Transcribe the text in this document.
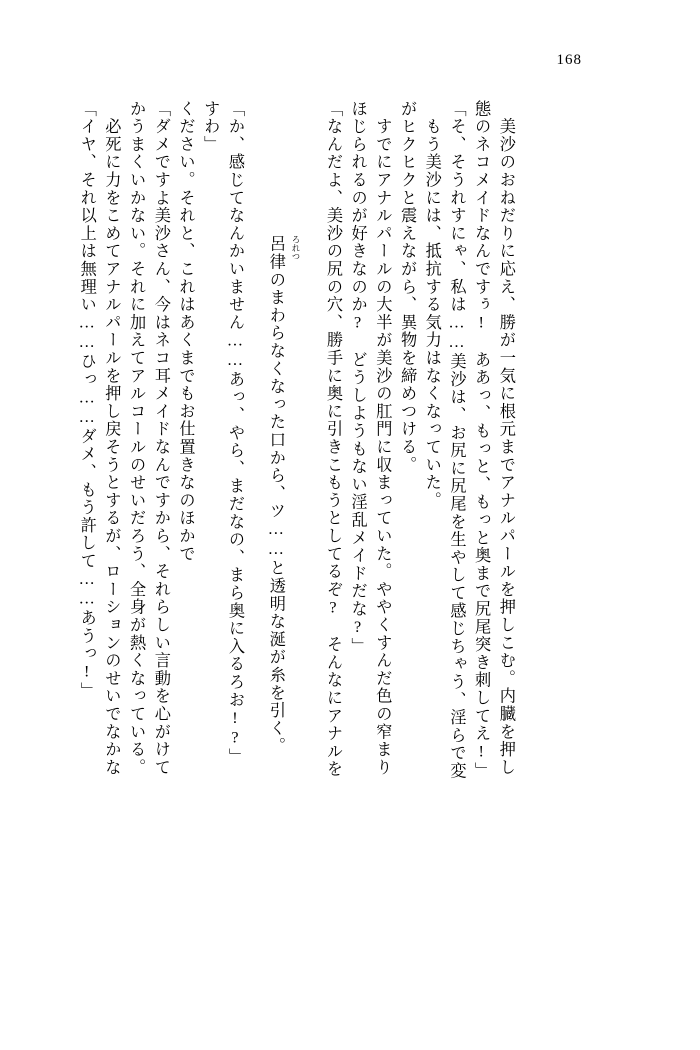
168
「イヤ、それ以上は無理い……ひっ……ダメ、もう許して……あうっ!」 　必死に力をこめてアナルパールを押し戻そうとするが、ローションのせいでなかな かうまくいかない。それに加えてアルコールのせいだろう、全身が熱くなっている。 「ダメですよ美沙さん、今はネコ耳メイドなんですから、それらしい言動を心がけて ください。それと、これはあくまでもお仕置きなのほかで すわ」 「か、感じてなんかいません……あっ、やら、まだなの、まら奥に入るろお!?」

	ろれつ

　呂律のまわらなくなった口から、ツ……と透明な涎が糸を引く。
	「なんだよ、美沙の尻の穴、勝手に奥に引きこもうとしてるぞ?　そんなにアナルを ほじられるのが好きなのか?　どうしようもない淫乱メイドだな?」 　すでにアナルパールの大半が美沙の肛門に収まっていた。ややくすんだ色の窄まり がヒクヒクと震えながら、異物を締めつける。 　もう美沙には、抵抗する気力はなくなっていた。 「そ、そうれすにゃ、私は……美沙は、お尻に尻尾を生やして感じちゃう、淫らで変 態のネコメイドなんですぅ!　ああっ、もっと、もっと奥まで尻尾突き刺してえ!」 　美沙のおねだりに応え、勝が一気に根元までアナルパールを押しこむ。内臓を押し
